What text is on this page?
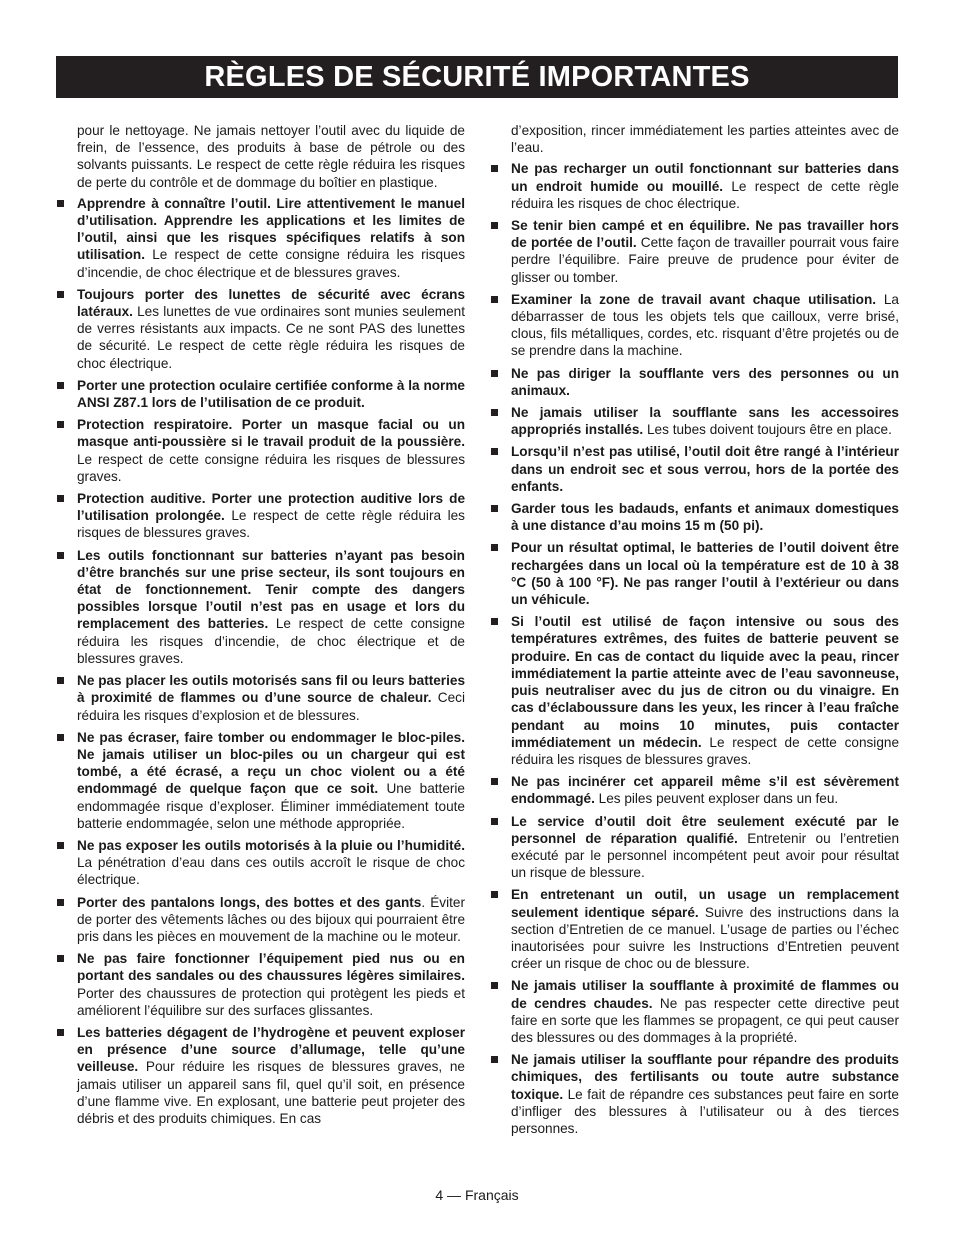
RÈGLES DE SÉCURITÉ IMPORTANTES

pour le nettoyage. Ne jamais nettoyer l’outil avec du liquide de frein, de l’essence, des produits à base de pétrole ou des solvants puissants. Le respect de cette règle réduira les risques de perte du contrôle et de dommage du boîtier en plastique.

Apprendre à connaître l’outil. Lire attentivement le manuel d’utilisation. Apprendre les applications et les limites de l’outil, ainsi que les risques spécifiques relatifs à son utilisation. Le respect de cette consigne réduira les risques d’incendie, de choc électrique et de blessures graves.
Toujours porter des lunettes de sécurité avec écrans latéraux. Les lunettes de vue ordinaires sont munies seulement de verres résistants aux impacts. Ce ne sont PAS des lunettes de sécurité. Le respect de cette règle réduira les risques de choc électrique.
Porter une protection oculaire certifiée conforme à la norme ANSI Z87.1 lors de l’utilisation de ce produit.
Protection respiratoire. Porter un masque facial ou un masque anti-poussière si le travail produit de la poussière. Le respect de cette consigne réduira les risques de blessures graves.
Protection auditive. Porter une protection auditive lors de l’utilisation prolongée. Le respect de cette règle réduira les risques de blessures graves.
Les outils fonctionnant sur batteries n’ayant pas besoin d’être branchés sur une prise secteur, ils sont toujours en état de fonctionnement. Tenir compte des dangers possibles lorsque l’outil n’est pas en usage et lors du remplacement des batteries. Le respect de cette consigne réduira les risques d’incendie, de choc électrique et de blessures graves.
Ne pas placer les outils motorisés sans fil ou leurs batteries à proximité de flammes ou d’une source de chaleur. Ceci réduira les risques d’explosion et de blessures.
Ne pas écraser, faire tomber ou endommager le bloc-piles. Ne jamais utiliser un bloc-piles ou un chargeur qui est tombé, a été écrasé, a reçu un choc violent ou a été endommagé de quelque façon que ce soit. Une batterie endommagée risque d’exploser. Éliminer immédiatement toute batterie endommagée, selon une méthode appropriée.
Ne pas exposer les outils motorisés à la pluie ou l’humidité. La pénétration d’eau dans ces outils accroît le risque de choc électrique.
Porter des pantalons longs, des bottes et des gants. Éviter de porter des vêtements lâches ou des bijoux qui pourraient être pris dans les pièces en mouvement de la machine ou le moteur.
Ne pas faire fonctionner l’équipement pied nus ou en portant des sandales ou des chaussures légères similaires. Porter des chaussures de protection qui protègent les pieds et améliorent l’équilibre sur des surfaces glissantes.
Les batteries dégagent de l’hydrogène et peuvent exploser en présence d’une source d’allumage, telle qu’une veilleuse. Pour réduire les risques de blessures graves, ne jamais utiliser un appareil sans fil, quel qu’il soit, en présence d’une flamme vive. En explosant, une batterie peut projeter des débris et des produits chimiques. En cas

d’exposition, rincer immédiatement les parties atteintes avec de l’eau.

Ne pas recharger un outil fonctionnant sur batteries dans un endroit humide ou mouillé. Le respect de cette règle réduira les risques de choc électrique.
Se tenir bien campé et en équilibre. Ne pas travailler hors de portée de l’outil. Cette façon de travailler pourrait vous faire perdre l’équilibre. Faire preuve de prudence pour éviter de glisser ou tomber.
Examiner la zone de travail avant chaque utilisation. La débarrasser de tous les objets tels que cailloux, verre brisé, clous, fils métalliques, cordes, etc. risquant d’être projetés ou de se prendre dans la machine.
Ne pas diriger la soufflante vers des personnes ou un animaux.
Ne jamais utiliser la soufflante sans les accessoires appropriés installés. Les tubes doivent toujours être en place.
Lorsqu’il n’est pas utilisé, l’outil doit être rangé à l’intérieur dans un endroit sec et sous verrou, hors de la portée des enfants.
Garder tous les badauds, enfants et animaux domestiques à une distance d’au moins 15 m (50 pi).
Pour un résultat optimal, le batteries de l’outil doivent être rechargées dans un local où la température est de 10 à 38 °C (50 à 100 °F). Ne pas ranger l’outil à l’extérieur ou dans un véhicule.
Si l’outil est utilisé de façon intensive ou sous des températures extrêmes, des fuites de batterie peuvent se produire. En cas de contact du liquide avec la peau, rincer immédiatement la partie atteinte avec de l’eau savonneuse, puis neutraliser avec du jus de citron ou du vinaigre. En cas d’éclaboussure dans les yeux, les rincer à l’eau fraîche pendant au moins 10 minutes, puis contacter immédiatement un médecin. Le respect de cette consigne réduira les risques de blessures graves.
Ne pas incinérer cet appareil même s’il est sévèrement endommagé. Les piles peuvent exploser dans un feu.
Le service d’outil doit être seulement exécuté par le personnel de réparation qualifié. Entretenir ou l’entretien exécuté par le personnel incompétent peut avoir pour résultat un risque de blessure.
En entretenant un outil, un usage un remplacement seulement identique séparé. Suivre des instructions dans la section d’Entretien de ce manuel. L’usage de parties ou l’échec inautorisées pour suivre les Instructions d’Entretien peuvent créer un risque de choc ou de blessure.
Ne jamais utiliser la soufflante à proximité de flammes ou de cendres chaudes. Ne pas respecter cette directive peut faire en sorte que les flammes se propagent, ce qui peut causer des blessures ou des dommages à la propriété.
Ne jamais utiliser la soufflante pour répandre des produits chimiques, des fertilisants ou toute autre substance toxique. Le fait de répandre ces substances peut faire en sorte d’infliger des blessures à l’utilisateur ou à des tierces personnes.
4 — Français
